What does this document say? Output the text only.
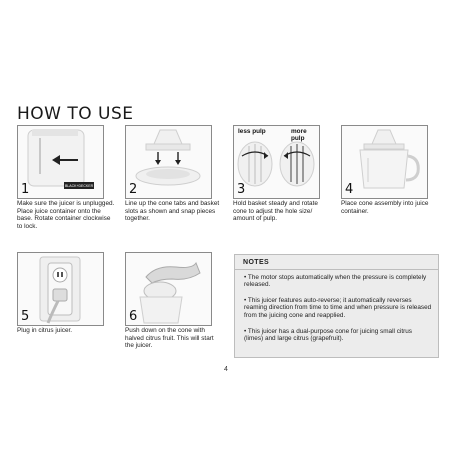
HOW TO USE
1	BLACK+DECKER
Make sure the juicer is unplugged. Place juice container onto the base. Rotate container clockwise to lock.
2
Line up the cone tabs and basket slots as shown and snap pieces together.
less pulp	more pulp
3
Hold basket steady and rotate cone to adjust the hole size/ amount of pulp.
4
Place cone assembly into juice container.
5
Plug in citrus juicer.
6
Push down on the cone with halved citrus fruit. This will start the juicer.
NOTES
• The motor stops automatically when the pressure is completely released.
• This juicer features auto-reverse; it automatically reverses reaming direction from time to time and when pressure is released from the juicing cone and reapplied.
• This juicer has a dual-purpose cone for juicing small citrus (limes) and large citrus (grapefruit).
4
